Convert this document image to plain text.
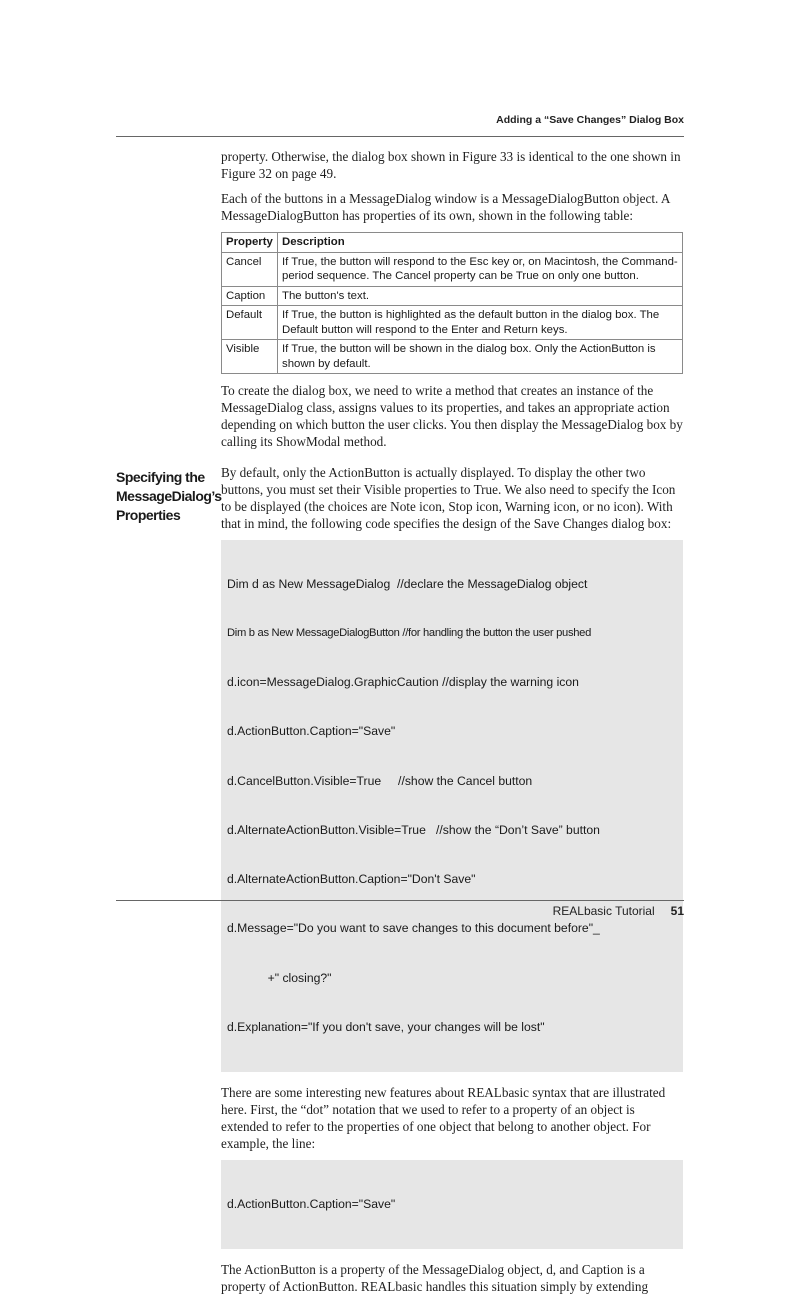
Adding a “Save Changes” Dialog Box
Specifying the MessageDialog’s Properties

property. Otherwise, the dialog box shown in Figure 33 is identical to the one shown in Figure 32 on page 49.

Each of the buttons in a MessageDialog window is a MessageDialogButton object. A MessageDialogButton has properties of its own, shown in the following table:

Property	Description
Cancel	If True, the button will respond to the Esc key or, on Macintosh, the Command-period sequence. The Cancel property can be True on only one button.
Caption	The button's text.
Default	If True, the button is highlighted as the default button in the dialog box. The Default button will respond to the Enter and Return keys.
Visible	If True, the button will be shown in the dialog box. Only the ActionButton is shown by default.

To create the dialog box, we need to write a method that creates an instance of the MessageDialog class, assigns values to its properties, and takes an appropriate action depending on which button the user clicks. You then display the MessageDialog box by calling its ShowModal method.

By default, only the ActionButton is actually displayed. To display the other two buttons, you must set their Visible properties to True. We also need to specify the Icon to be displayed (the choices are Note icon, Stop icon, Warning icon, or no icon). With that in mind, the following code specifies the design of the Save Changes dialog box:

Dim d as New MessageDialog  //declare the MessageDialog object

Dim b as New MessageDialogButton //for handling the button the user pushed

d.icon=MessageDialog.GraphicCaution //display the warning icon

d.ActionButton.Caption="Save"

d.CancelButton.Visible=True     //show the Cancel button

d.AlternateActionButton.Visible=True   //show the “Don’t Save” button

d.AlternateActionButton.Caption="Don't Save"

d.Message="Do you want to save changes to this document before"_

+" closing?"

d.Explanation="If you don't save, your changes will be lost"

There are some interesting new features about REALbasic syntax that are illustrated here. First, the “dot” notation that we used to refer to a property of an object is extended to refer to the properties of one object that belong to another object. For example, the line:

d.ActionButton.Caption="Save"

The ActionButton is a property of the MessageDialog object, d, and Caption is a property of ActionButton. REALbasic handles this situation simply by extending

REALbasic Tutorial 51
